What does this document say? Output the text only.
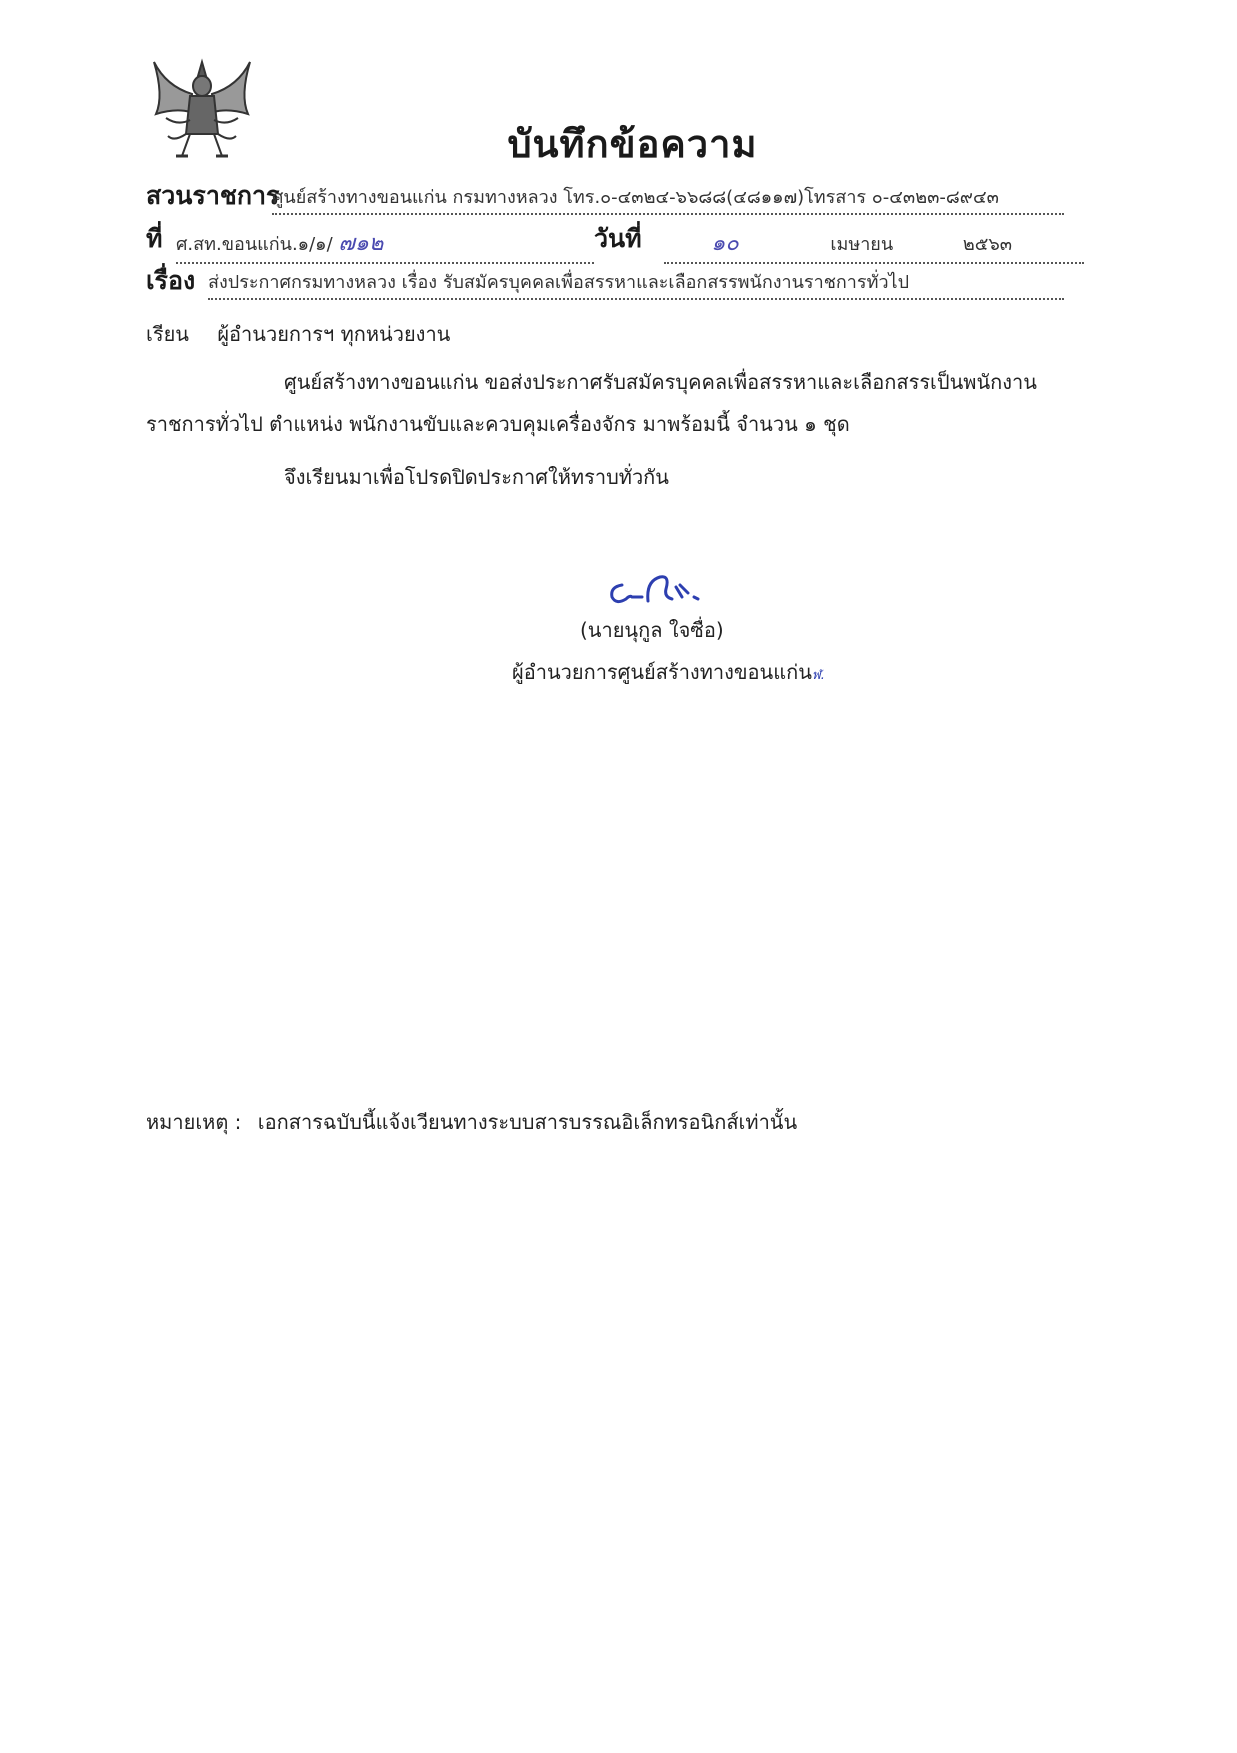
บันทึกข้อความ
สวนราชการ
ศูนย์สร้างทางขอนแก่น กรมทางหลวง โทร.๐-๔๓๒๔-๖๖๘๘(๔๘๑๑๗)โทรสาร ๐-๔๓๒๓-๘๙๔๓
ที่ ศ.สท.ขอนแก่น.๑/๑/ ๗๑๒	วันที่	๑๐	เมษายน	๒๕๖๓
เรื่อง ส่งประกาศกรมทางหลวง เรื่อง รับสมัครบุคคลเพื่อสรรหาและเลือกสรรพนักงานราชการทั่วไป
เรียน ผู้อำนวยการฯ ทุกหน่วยงาน
ศูนย์สร้างทางขอนแก่น ขอส่งประกาศรับสมัครบุคคลเพื่อสรรหาและเลือกสรรเป็นพนักงาน
ราชการทั่วไป ตำแหน่ง พนักงานขับและควบคุมเครื่องจักร มาพร้อมนี้ จำนวน ๑ ชุด
จึงเรียนมาเพื่อโปรดปิดประกาศให้ทราบทั่วกัน
(นายนุกูล ใจซื่อ)
ผู้อำนวยการศูนย์สร้างทางขอนแก่นฬ.
หมายเหตุ : เอกสารฉบับนี้แจ้งเวียนทางระบบสารบรรณอิเล็กทรอนิกส์เท่านั้น
